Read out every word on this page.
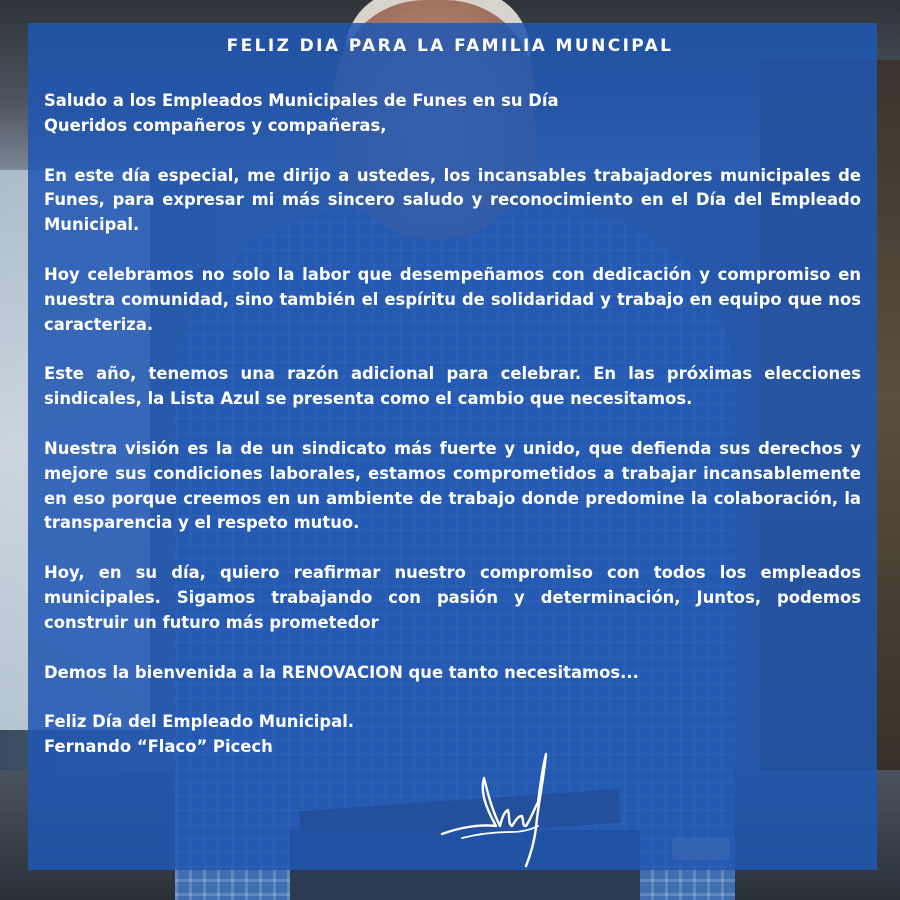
FELIZ DIA PARA LA FAMILIA MUNCIPAL

Saludo a los Empleados Municipales de Funes en su Día
Queridos compañeros y compañeras,

En este día especial, me dirijo a ustedes, los incansables trabajadores municipales de Funes, para expresar mi más sincero saludo y reconocimiento en el Día del Empleado Municipal.

Hoy celebramos no solo la labor que desempeñamos con dedicación y compromiso en nuestra comunidad, sino también el espíritu de solidaridad y trabajo en equipo que nos caracteriza.

Este año, tenemos una razón adicional para celebrar. En las próximas elecciones sindicales, la Lista Azul se presenta como el cambio que necesitamos.

Nuestra visión es la de un sindicato más fuerte y unido, que defienda sus derechos y mejore sus condiciones laborales, estamos comprometidos a trabajar incansablemente en eso porque creemos en un ambiente de trabajo donde predomine la colaboración, la transparencia y el respeto mutuo.

Hoy, en su día, quiero reafirmar nuestro compromiso con todos los empleados municipales. Sigamos trabajando con pasión y determinación, Juntos, podemos construir un futuro más prometedor

Demos la bienvenida a la RENOVACION que tanto necesitamos...

Feliz Día del Empleado Municipal.
Fernando “Flaco” Picech
